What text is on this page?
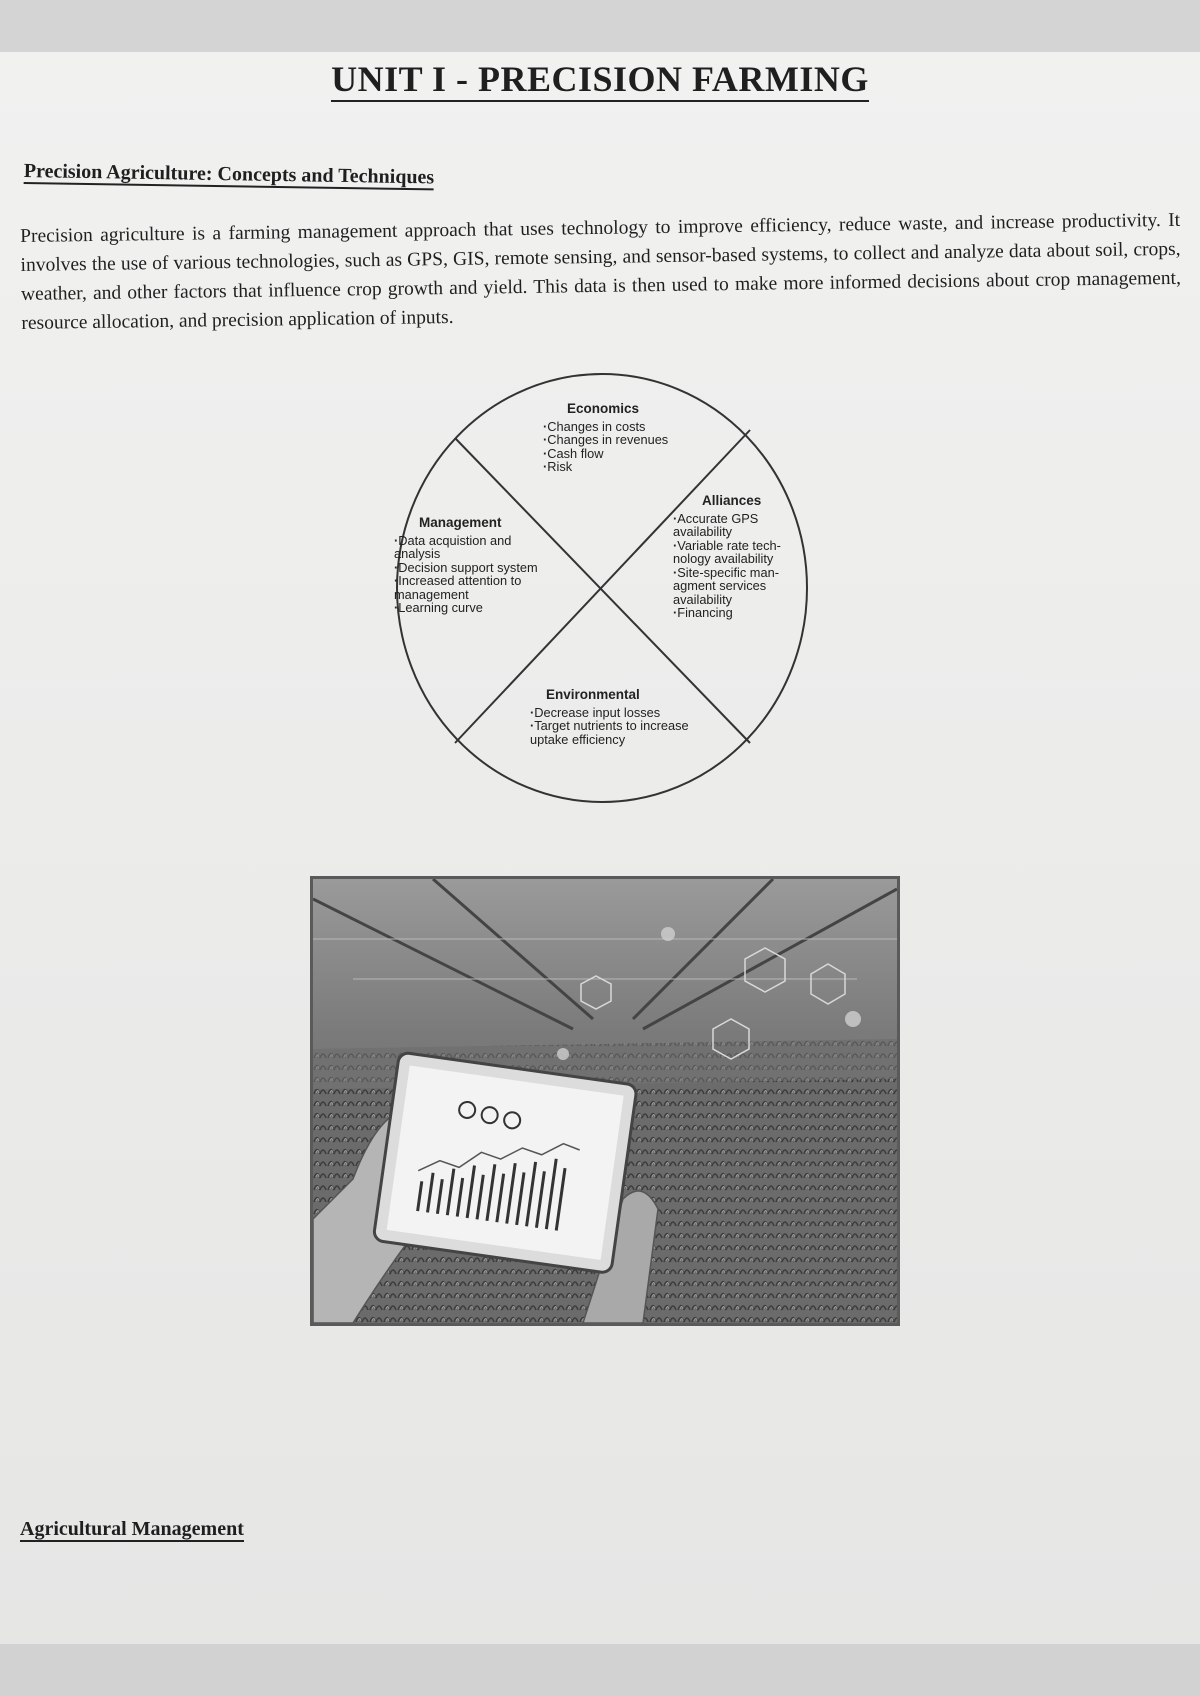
UNIT I - PRECISION FARMING
Precision Agriculture: Concepts and Techniques

Precision agriculture is a farming management approach that uses technology to improve efficiency, reduce waste, and increase productivity. It involves the use of various technologies, such as GPS, GIS, remote sensing, and sensor-based systems, to collect and analyze data about soil, crops, weather, and other factors that influence crop growth and yield. This data is then used to make more informed decisions about crop management, resource allocation, and precision application of inputs.

Economics
· Changes in costs
· Changes in revenues
· Cash flow
· Risk
Management
· Data acquistion and analysis
· Decision support system
· Increased attention to management
· Learning curve
Alliances
· Accurate GPS availability
· Variable rate tech-nology availability
· Site-specific man-agment services availability
· Financing
Environmental
· Decrease input losses
· Target nutrients to increase uptake efficiency
Agricultural Management
